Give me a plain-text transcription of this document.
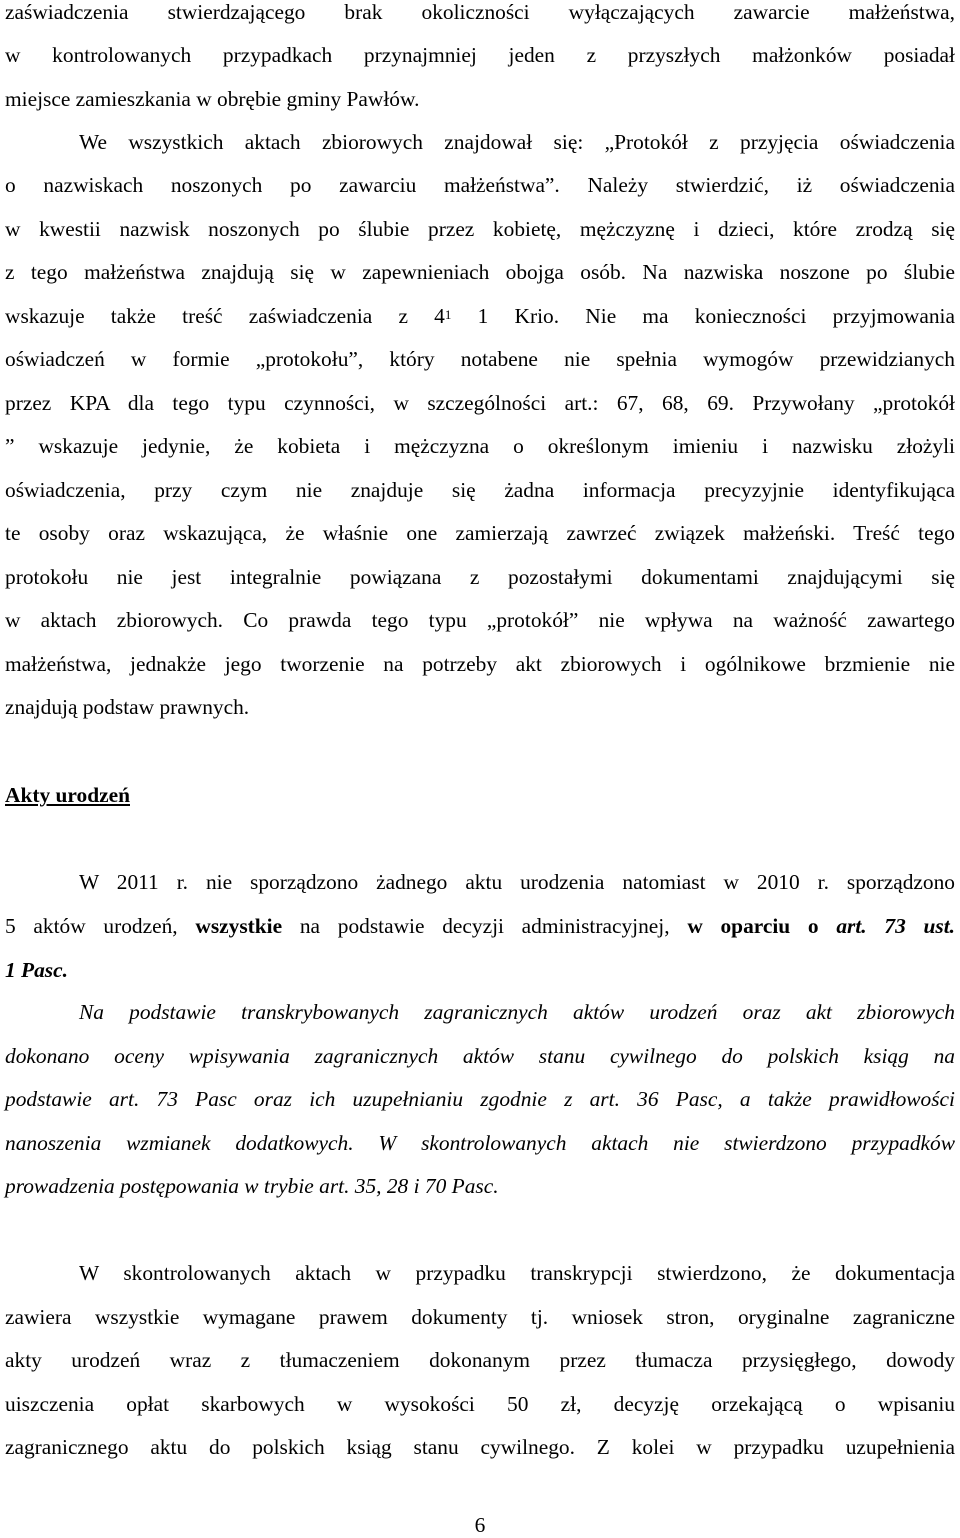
zaświadczenia stwierdzającego brak okoliczności wyłączających zawarcie małżeństwa,
w kontrolowanych przypadkach przynajmniej jeden z przyszłych małżonków posiadał
miejsce zamieszkania w obrębie gminy Pawłów.
We wszystkich aktach zbiorowych znajdował się: „Protokół z przyjęcia oświadczenia
o nazwiskach noszonych po zawarciu małżeństwa”. Należy stwierdzić, iż oświadczenia
w kwestii nazwisk noszonych po ślubie przez kobietę, mężczyznę i dzieci, które zrodzą się
z tego małżeństwa znajdują się w zapewnieniach obojga osób. Na nazwiska noszone po ślubie
wskazuje także treść zaświadczenia z $4^1$ 1 Krio. Nie ma konieczności przyjmowania
oświadczeń w formie „protokołu”, który notabene nie spełnia wymogów przewidzianych
przez KPA dla tego typu czynności, w szczególności art.: 67, 68, 69. Przywołany „protokół
” wskazuje jedynie, że kobieta i mężczyzna o określonym imieniu i nazwisku złożyli
oświadczenia, przy czym nie znajduje się żadna informacja precyzyjnie identyfikująca
te osoby oraz wskazująca, że właśnie one zamierzają zawrzeć związek małżeński. Treść tego
protokołu nie jest integralnie powiązana z pozostałymi dokumentami znajdującymi się
w aktach zbiorowych. Co prawda tego typu „protokół” nie wpływa na ważność zawartego
małżeństwa, jednakże jego tworzenie na potrzeby akt zbiorowych i ogólnikowe brzmienie nie
znajdują podstaw prawnych.
Akty urodzeń
W 2011 r. nie sporządzono żadnego aktu urodzenia natomiast w 2010 r. sporządzono
5 aktów urodzeń, wszystkie na podstawie decyzji administracyjnej, w oparciu o art. 73 ust.
1 Pasc.
Na podstawie transkrybowanych zagranicznych aktów urodzeń oraz akt zbiorowych
dokonano oceny wpisywania zagranicznych aktów stanu cywilnego do polskich ksiąg na
podstawie art. 73 Pasc oraz ich uzupełnianiu zgodnie z art. 36 Pasc, a także prawidłowości
nanoszenia wzmianek dodatkowych. W skontrolowanych aktach nie stwierdzono przypadków
prowadzenia postępowania w trybie art. 35, 28 i 70 Pasc.
W skontrolowanych aktach w przypadku transkrypcji stwierdzono, że dokumentacja
zawiera wszystkie wymagane prawem dokumenty tj. wniosek stron, oryginalne zagraniczne
akty urodzeń wraz z tłumaczeniem dokonanym przez tłumacza przysięgłego, dowody
uiszczenia opłat skarbowych w wysokości 50 zł, decyzję orzekającą o wpisaniu
zagranicznego aktu do polskich ksiąg stanu cywilnego. Z kolei w przypadku uzupełnienia
6
